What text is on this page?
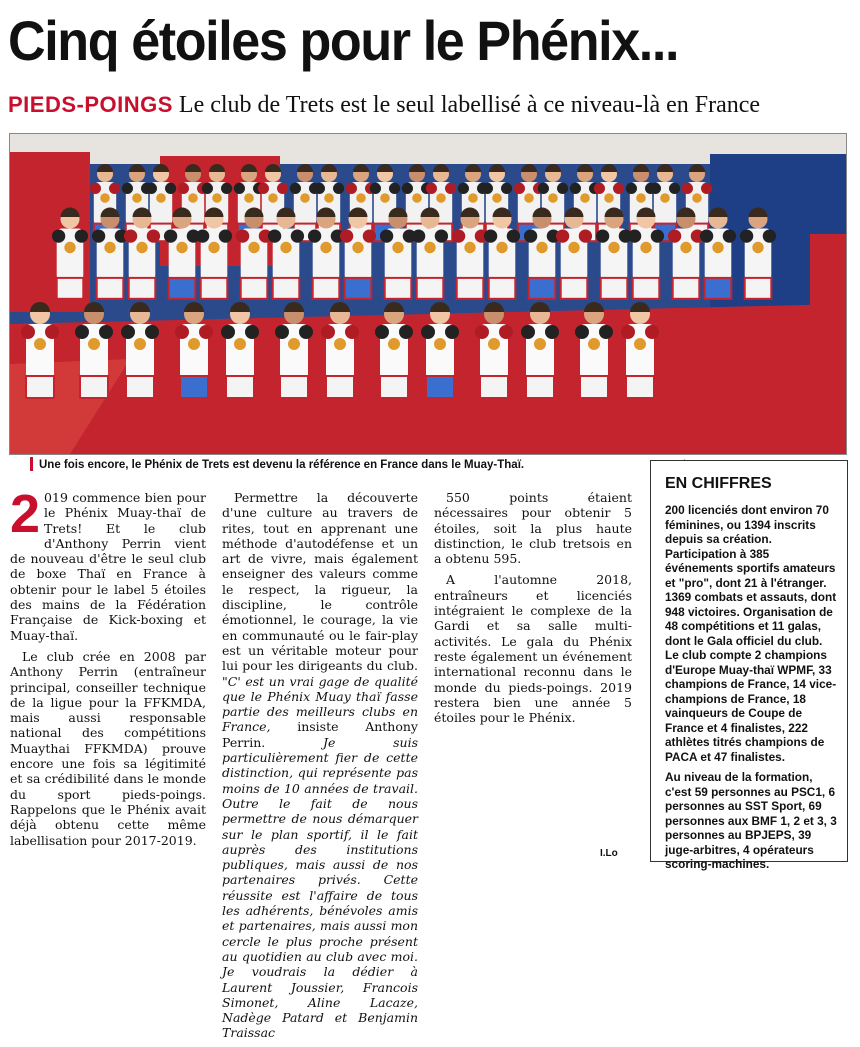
Cinq étoiles pour le Phénix...
PIEDS-POINGS Le club de Trets est le seul labellisé à ce niveau-là en France
Une fois encore, le Phénix de Trets est devenu la référence en France dans le Muay-Thaï.

2 019 commence bien pour le Phénix Muay-thaï de Trets! Et le club d'Anthony Perrin vient de nouveau d'être le seul club de boxe Thaï en France à obtenir pour le label 5 étoiles des mains de la Fédération Française de Kick-boxing et Muay-thaï.

Le club crée en 2008 par Anthony Perrin (entraîneur principal, conseiller technique de la ligue pour la FFKMDA, mais aussi responsable national des compétitions Muaythai FFKMDA) prouve encore une fois sa légitimité et sa crédibilité dans le monde du sport pieds-poings. Rappelons que le Phénix avait déjà obtenu cette même labellisation pour 2017-2019.

Permettre la découverte d'une culture au travers de rites, tout en apprenant une méthode d'autodéfense et un art de vivre, mais également enseigner des valeurs comme le respect, la rigueur, la discipline, le contrôle émotionnel, le courage, la vie en communauté ou le fair-play est un véritable moteur pour lui pour les dirigeants du club. "C' est un vrai gage de qualité que le Phénix Muay thaï fasse partie des meilleurs clubs en France, insiste Anthony Perrin. Je suis particulièrement fier de cette distinction, qui représente pas moins de 10 années de travail. Outre le fait de nous permettre de nous démarquer sur le plan sportif, il le fait auprès des institutions publiques, mais aussi de nos partenaires privés. Cette réussite est l'affaire de tous les adhérents, bénévoles amis et partenaires, mais aussi mon cercle le plus proche présent au quotidien au club avec moi. Je voudrais la dédier à Laurent Joussier, Francois Simonet, Aline Lacaze, Nadège Patard et Benjamin Traissac

550 points étaient nécessaires pour obtenir 5 étoiles, soit la plus haute distinction, le club tretsois en a obtenu 595.

A l'automne 2018, entraîneurs et licenciés intégraient le complexe de la Gardi et sa salle multi-activités. Le gala du Phénix reste également un événement international reconnu dans le monde du pieds-poings. 2019 restera bien une année 5 étoiles pour le Phénix.

I.Lo
EN CHIFFRES
200 licenciés dont environ 70 féminines, ou 1394 inscrits depuis sa création. Participation à 385 événements sportifs amateurs et "pro", dont 21 à l'étranger. 1369 combats et assauts, dont 948 victoires. Organisation de 48 compétitions et 11 galas, dont le Gala officiel du club. Le club compte 2 champions d'Europe Muay-thaï WPMF, 33 champions de France, 14 vice-champions de France, 18 vainqueurs de Coupe de France et 4 finalistes, 222 athlètes titrés champions de PACA et 47 finalistes.
Au niveau de la formation, c'est 59 personnes au PSC1, 6 personnes au SST Sport, 69 personnes aux BMF 1, 2 et 3, 3 personnes au BPJEPS, 39 juge-arbitres, 4 opérateurs scoring-machines.
